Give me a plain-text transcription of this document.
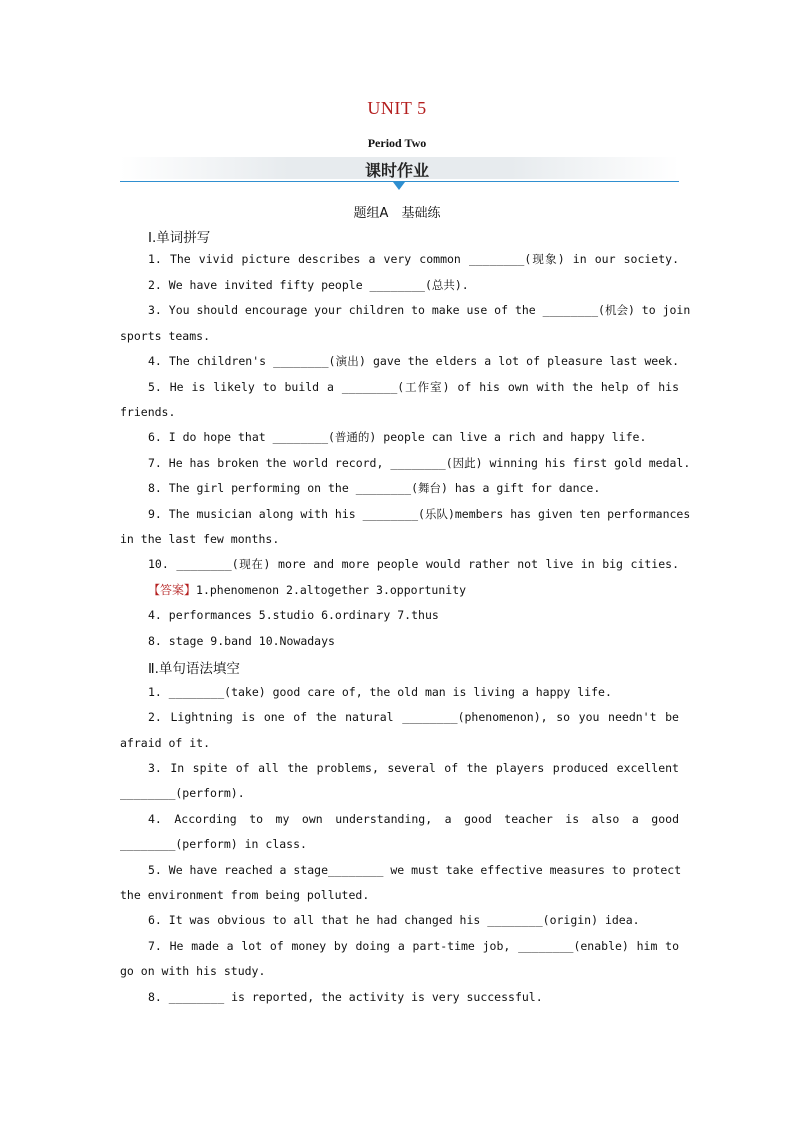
UNIT 5
Period Two
课时作业
题组A　基础练
Ⅰ.单词拼写
1. The vivid picture describes a very common ________(现象) in our society.
2. We have invited fifty people ________(总共).
3. You should encourage your children to make use of the ________(机会) to join
sports teams.
4. The children's ________(演出) gave the elders a lot of pleasure last week.
5. He is likely to build a ________(工作室) of his own with the help of his
friends.
6. I do hope that ________(普通的) people can live a rich and happy life.
7. He has broken the world record, ________(因此) winning his first gold medal.
8. The girl performing on the ________(舞台) has a gift for dance.
9. The musician along with his ________(乐队)members has given ten performances
in the last few months.
10. ________(现在) more and more people would rather not live in big cities.
【答案】1.phenomenon 2.altogether 3.opportunity
4. performances 5.studio 6.ordinary 7.thus
8. stage 9.band 10.Nowadays
Ⅱ.单句语法填空
1. ________(take) good care of, the old man is living a happy life.
2. Lightning is one of the natural ________(phenomenon), so you needn't be
afraid of it.
3. In spite of all the problems, several of the players produced excellent
________(perform).
4. According to my own understanding, a good teacher is also a good
________(perform) in class.
5. We have reached a stage________ we must take effective measures to protect
the environment from being polluted.
6. It was obvious to all that he had changed his ________(origin) idea.
7. He made a lot of money by doing a part-time job, ________(enable) him to
go on with his study.
8. ________ is reported, the activity is very successful.
